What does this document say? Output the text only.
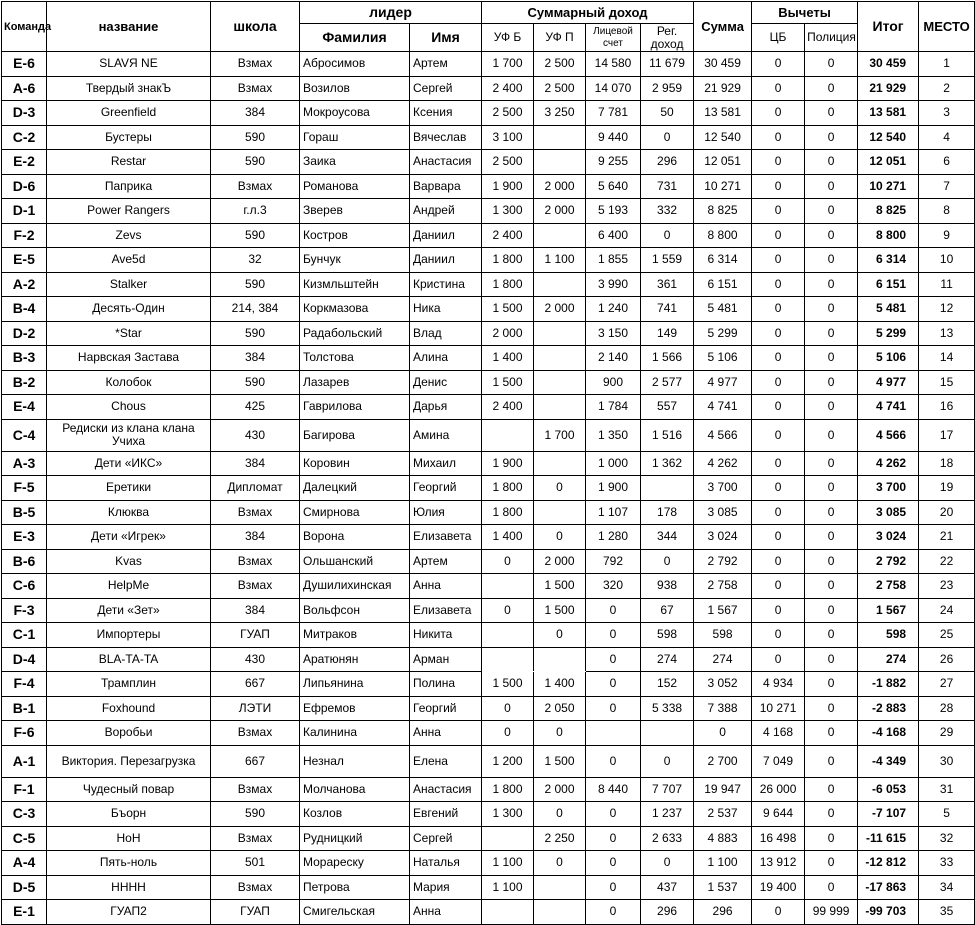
Команда	название	школа	лидер		Суммарный доход				Сумма	Вычеты		Итог	МЕСТО
			Фамилия	Имя	УФ Б	УФ П	Лицевой счет	Рег. доход		ЦБ	Полиция		
E-6	SLAVЯ NE	Взмах	Абросимов	Артем	1 700	2 500	14 580	11 679	30 459	0	0	30 459	1
A-6	Твердый знакЪ	Взмах	Возилов	Сергей	2 400	2 500	14 070	2 959	21 929	0	0	21 929	2
D-3	Greenfield	384	Мокроусова	Ксения	2 500	3 250	7 781	50	13 581	0	0	13 581	3
C-2	Бустеры	590	Гораш	Вячеслав	3 100		9 440	0	12 540	0	0	12 540	4
E-2	Restar	590	Заика	Анастасия	2 500		9 255	296	12 051	0	0	12 051	6
D-6	Паприка	Взмах	Романова	Варвара	1 900	2 000	5 640	731	10 271	0	0	10 271	7
D-1	Power Rangers	г.л.3	Зверев	Андрей	1 300	2 000	5 193	332	8 825	0	0	8 825	8
F-2	Zevs	590	Костров	Даниил	2 400		6 400	0	8 800	0	0	8 800	9
E-5	Ave5d	32	Бунчук	Даниил	1 800	1 100	1 855	1 559	6 314	0	0	6 314	10
A-2	Stalker	590	Кизмльштейн	Кристина	1 800		3 990	361	6 151	0	0	6 151	11
B-4	Десять-Один	214, 384	Коркмазова	Ника	1 500	2 000	1 240	741	5 481	0	0	5 481	12
D-2	*Star	590	Радабольский	Влад	2 000		3 150	149	5 299	0	0	5 299	13
B-3	Нарвская Застава	384	Толстова	Алина	1 400		2 140	1 566	5 106	0	0	5 106	14
B-2	Колобок	590	Лазарев	Денис	1 500		900	2 577	4 977	0	0	4 977	15
E-4	Chous	425	Гаврилова	Дарья	2 400		1 784	557	4 741	0	0	4 741	16
C-4	Редиски из клана клана Учиха	430	Багирова	Амина		1 700	1 350	1 516	4 566	0	0	4 566	17
A-3	Дети «ИКС»	384	Коровин	Михаил	1 900		1 000	1 362	4 262	0	0	4 262	18
F-5	Еретики	Дипломат	Далецкий	Георгий	1 800	0	1 900		3 700	0	0	3 700	19
B-5	Клюква	Взмах	Смирнова	Юлия	1 800		1 107	178	3 085	0	0	3 085	20
E-3	Дети «Игрек»	384	Ворона	Елизавета	1 400	0	1 280	344	3 024	0	0	3 024	21
B-6	Kvas	Взмах	Ольшанский	Артем	0	2 000	792	0	2 792	0	0	2 792	22
C-6	HelpMe	Взмах	Душилихинская	Анна		1 500	320	938	2 758	0	0	2 758	23
F-3	Дети «Зет»	384	Вольфсон	Елизавета	0	1 500	0	67	1 567	0	0	1 567	24
C-1	Импортеры	ГУАП	Митраков	Никита		0	0	598	598	0	0	598	25
D-4	BLA-TA-TA	430	Аратюнян	Арман			0	274	274	0	0	274	26
F-4	Трамплин	667	Липьянина	Полина	1 500	1 400	0	152	3 052	4 934	0	-1 882	27
B-1	Foxhound	ЛЭТИ	Ефремов	Георгий	0	2 050	0	5 338	7 388	10 271	0	-2 883	28
F-6	Воробьи	Взмах	Калинина	Анна	0	0			0	4 168	0	-4 168	29
A-1	Виктория. Перезагрузка	667	Незнал	Елена	1 200	1 500	0	0	2 700	7 049	0	-4 349	30
F-1	Чудесный повар	Взмах	Молчанова	Анастасия	1 800	2 000	8 440	7 707	19 947	26 000	0	-6 053	31
C-3	Бъорн	590	Козлов	Евгений	1 300	0	0	1 237	2 537	9 644	0	-7 107	5
C-5	HoH	Взмах	Рудницкий	Сергей		2 250	0	2 633	4 883	16 498	0	-11 615	32
A-4	Пять-ноль	501	Морареску	Наталья	1 100	0	0	0	1 100	13 912	0	-12 812	33
D-5	HHHH	Взмах	Петрова	Мария	1 100		0	437	1 537	19 400	0	-17 863	34
E-1	ГУАП2	ГУАП	Смигельская	Анна			0	296	296	0	99 999	-99 703	35
